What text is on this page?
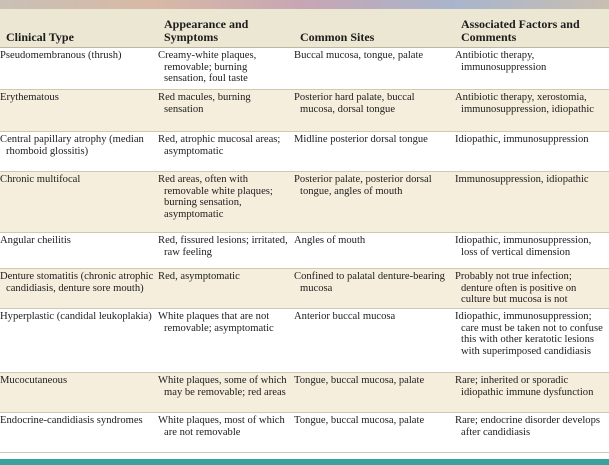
Clinical Type	Appearance and Symptoms	Common Sites	Associated Factors and Comments
Pseudomembranous (thrush)	Creamy-white plaques, removable; burning sensation, foul taste	Buccal mucosa, tongue, palate	Antibiotic therapy, immunosuppression
Erythematous	Red macules, burning sensation	Posterior hard palate, buccal mucosa, dorsal tongue	Antibiotic therapy, xerostomia, immunosuppression, idiopathic
Central papillary atrophy (median rhomboid glossitis)	Red, atrophic mucosal areas; asymptomatic	Midline posterior dorsal tongue	Idiopathic, immunosuppression
Chronic multifocal	Red areas, often with removable white plaques; burning sensation, asymptomatic	Posterior palate, posterior dorsal tongue, angles of mouth	Immunosuppression, idiopathic
Angular cheilitis	Red, fissured lesions; irritated, raw feeling	Angles of mouth	Idiopathic, immunosuppression, loss of vertical dimension
Denture stomatitis (chronic atrophic candidiasis, denture sore mouth)	Red, asymptomatic	Confined to palatal denture-bearing mucosa	Probably not true infection; denture often is positive on culture but mucosa is not
Hyperplastic (candidal leukoplakia)	White plaques that are not removable; asymptomatic	Anterior buccal mucosa	Idiopathic, immunosuppression; care must be taken not to confuse this with other keratotic lesions with superimposed candidiasis
Mucocutaneous	White plaques, some of which may be removable; red areas	Tongue, buccal mucosa, palate	Rare; inherited or sporadic idiopathic immune dysfunction
Endocrine-candidiasis syndromes	White plaques, most of which are not removable	Tongue, buccal mucosa, palate	Rare; endocrine disorder develops after candidiasis
